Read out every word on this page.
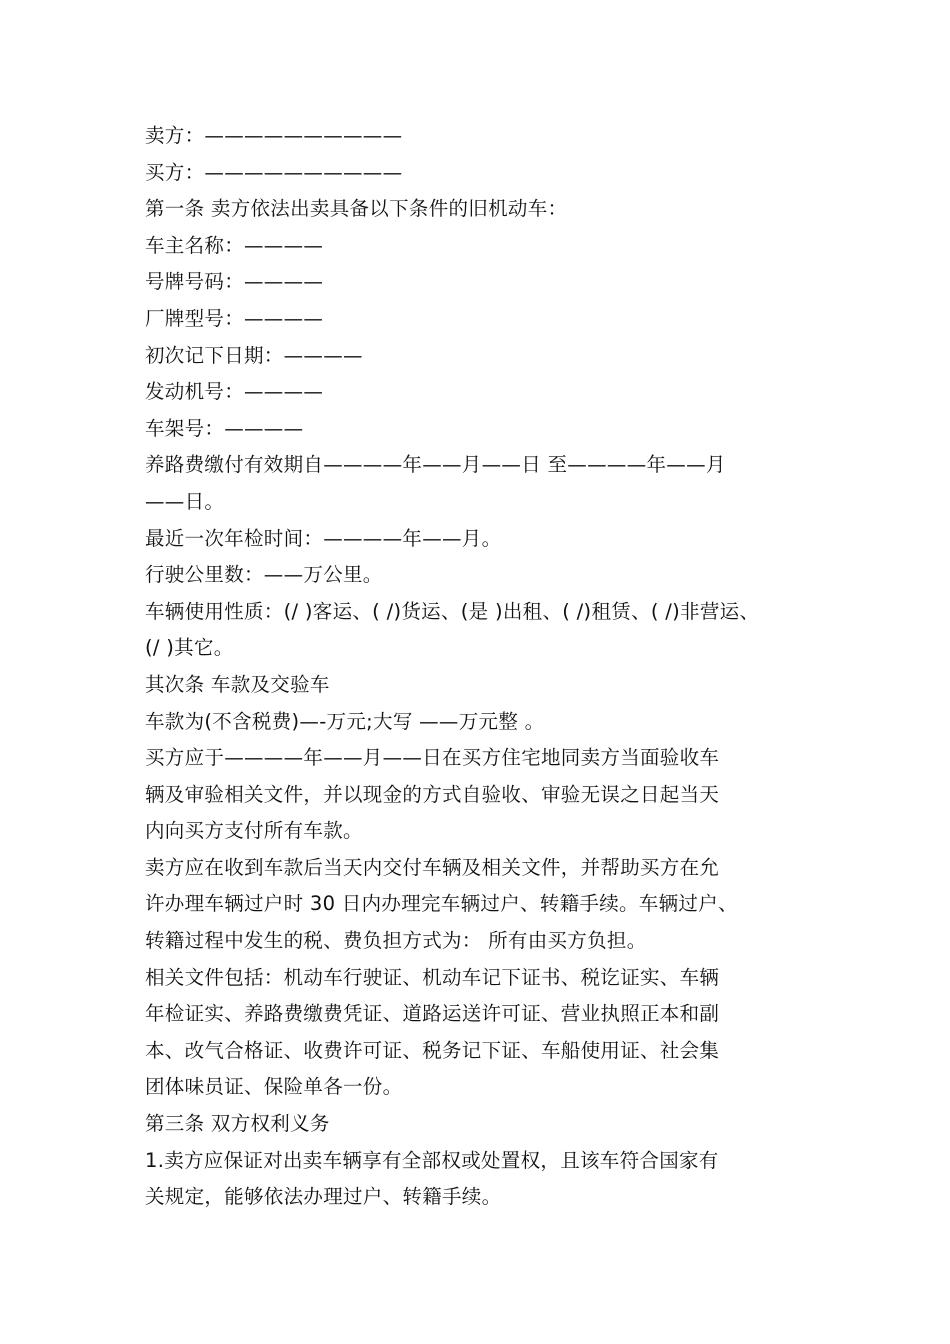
卖方：——————————
买方：——————————
第一条 卖方依法出卖具备以下条件的旧机动车：
车主名称：————
号牌号码：————
厂牌型号：————
初次记下日期：————
发动机号：————
车架号：————
养路费缴付有效期自————年——月——日 至————年——月
——日。
最近一次年检时间：————年——月。
行驶公里数：——万公里。
车辆使用性质：(/ )客运、( /)货运、(是 )出租、( /)租赁、( /)非营运、
(/ )其它。
其次条 车款及交验车
车款为(不含税费)—-万元;大写 ——万元整 。
买方应于————年——月——日在买方住宅地同卖方当面验收车
辆及审验相关文件，并以现金的方式自验收、审验无误之日起当天
内向买方支付所有车款。
卖方应在收到车款后当天内交付车辆及相关文件，并帮助买方在允
许办理车辆过户时 30 日内办理完车辆过户、转籍手续。车辆过户、
转籍过程中发生的税、费负担方式为： 所有由买方负担。
相关文件包括：机动车行驶证、机动车记下证书、税讫证实、车辆
年检证实、养路费缴费凭证、道路运送许可证、营业执照正本和副
本、改气合格证、收费许可证、税务记下证、车船使用证、社会集
团体味员证、保险单各一份。
第三条 双方权利义务
1.卖方应保证对出卖车辆享有全部权或处置权，且该车符合国家有
关规定，能够依法办理过户、转籍手续。
